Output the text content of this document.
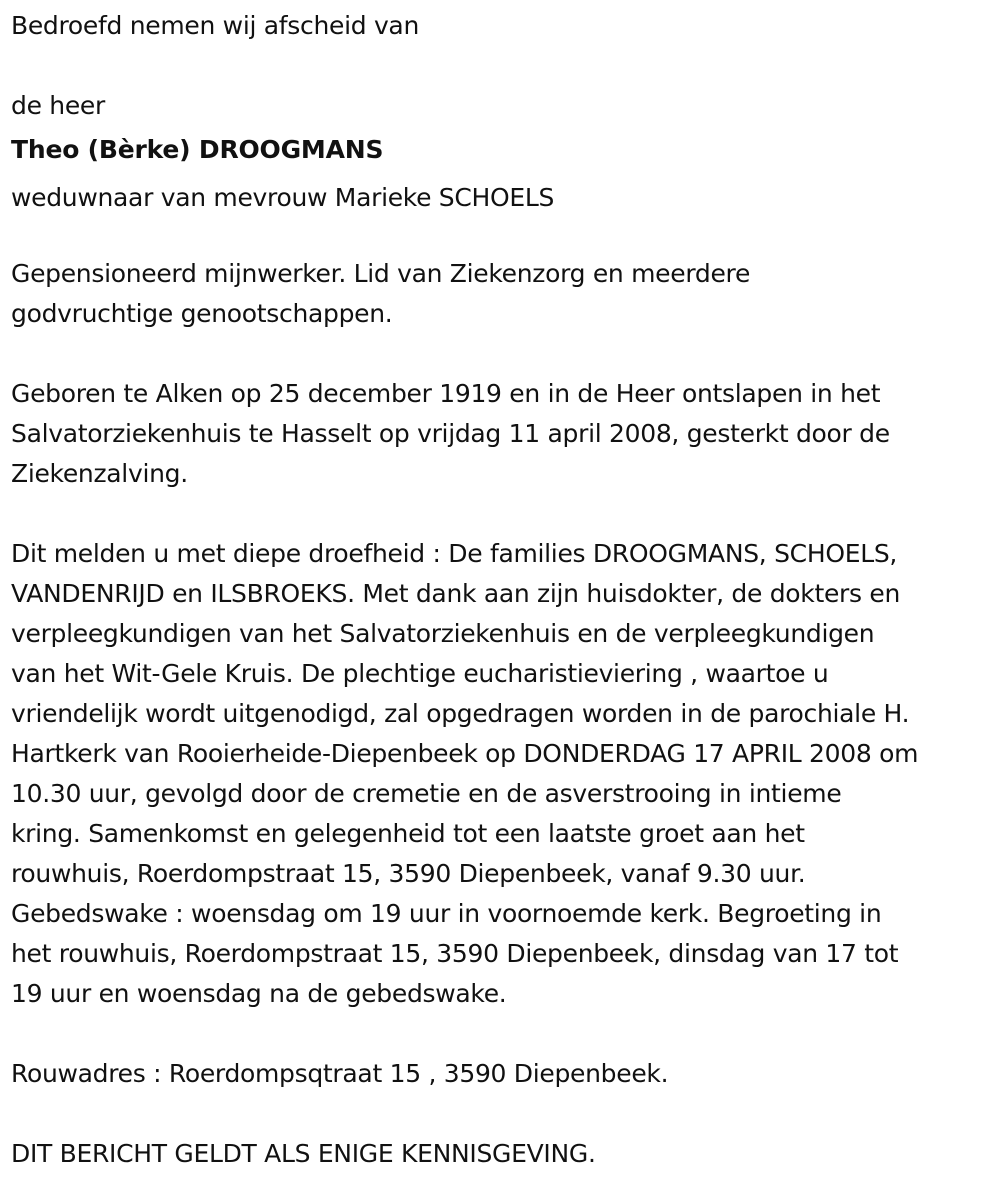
Bedroefd nemen wij afscheid van

de heer

Theo (Bèrke) DROOGMANS

weduwnaar van mevrouw Marieke SCHOELS

Gepensioneerd mijnwerker. Lid van Ziekenzorg en meerdere

godvruchtige genootschappen.

Geboren te Alken op 25 december 1919 en in de Heer ontslapen in het

Salvatorziekenhuis te Hasselt op vrijdag 11 april 2008, gesterkt door de

Ziekenzalving.

Dit melden u met diepe droefheid : De families DROOGMANS, SCHOELS,

VANDENRIJD en ILSBROEKS. Met dank aan zijn huisdokter, de dokters en

verpleegkundigen van het Salvatorziekenhuis en de verpleegkundigen

van het Wit-Gele Kruis. De plechtige eucharistieviering , waartoe u

vriendelijk wordt uitgenodigd, zal opgedragen worden in de parochiale H.

Hartkerk van Rooierheide-Diepenbeek op DONDERDAG 17 APRIL 2008 om

10.30 uur, gevolgd door de cremetie en de asverstrooing in intieme

kring. Samenkomst en gelegenheid tot een laatste groet aan het

rouwhuis, Roerdompstraat 15, 3590 Diepenbeek, vanaf 9.30 uur.

Gebedswake : woensdag om 19 uur in voornoemde kerk. Begroeting in

het rouwhuis, Roerdompstraat 15, 3590 Diepenbeek, dinsdag van 17 tot

19 uur en woensdag na de gebedswake.

Rouwadres : Roerdompsqtraat 15 , 3590 Diepenbeek.

DIT BERICHT GELDT ALS ENIGE KENNISGEVING.
